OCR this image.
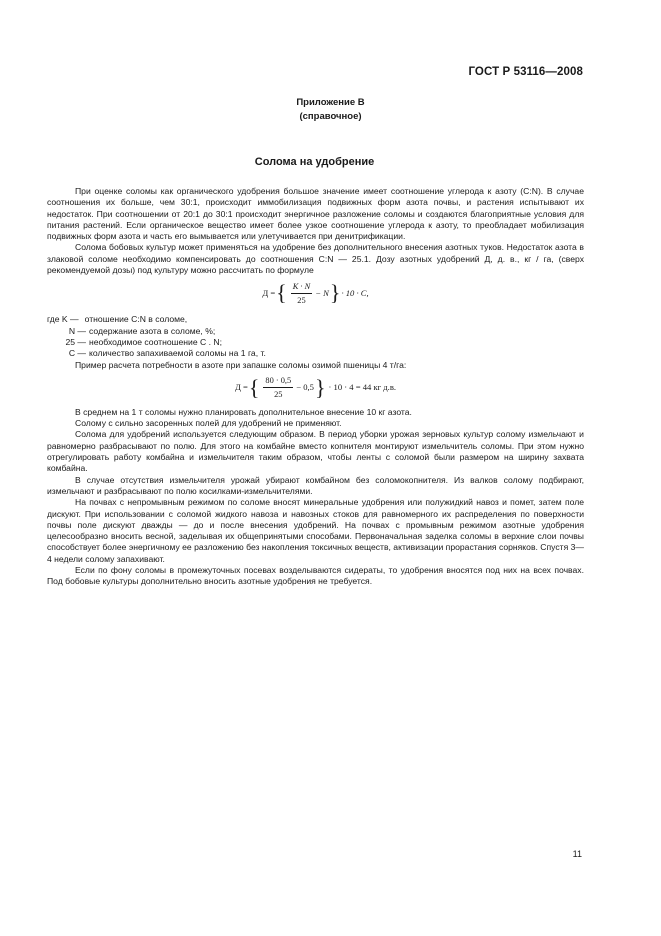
ГОСТ Р 53116—2008
Приложение В
(справочное)
Солома на удобрение

При оценке соломы как органического удобрения большое значение имеет соотношение углерода к азоту (C:N). В случае соотношения их больше, чем 30:1, происходит иммобилизация подвижных форм азота почвы, и растения испытывают их недостаток. При соотношении от 20:1 до 30:1 происходит энергичное разложение соломы и создаются благоприятные условия для питания растений. Если органическое вещество имеет более узкое соотношение углерода к азоту, то преобладает мобилизация подвижных форм азота и часть его вымывается или улетучивается при денитрификации.

Солома бобовых культур может применяться на удобрение без дополнительного внесения азотных туков. Недостаток азота в злаковой соломе необходимо компенсировать до соотношения C:N — 25.1. Дозу азотных удобрений Д, д. в., кг / га, (сверх рекомендуемой дозы) под культуру можно рассчитать по формуле

Д = { $\frac{K \cdot N}{25} - N$ } · 10 · C,
где K — отношение C:N в соломе,
N — содержание азота в соломе, %;
25 — необходимое соотношение C . N;
C — количество запахиваемой соломы на 1 га, т.

Пример расчета потребности в азоте при запашке соломы озимой пшеницы 4 т/га:

Д = { $\frac{80 \cdot 0,5}{25} - 0,5$ } · 10 · 4 = 44 кг д.в.

В среднем на 1 т соломы нужно планировать дополнительное внесение 10 кг азота.

Солому с сильно засоренных полей для удобрений не применяют.

Солома для удобрений используется следующим образом. В период уборки урожая зерновых культур солому измельчают и равномерно разбрасывают по полю. Для этого на комбайне вместо копнителя монтируют измельчитель соломы. При этом нужно отрегулировать работу комбайна и измельчителя таким образом, чтобы ленты с соломой были размером на ширину захвата комбайна.

В случае отсутствия измельчителя урожай убирают комбайном без соломокопнителя. Из валков солому подбирают, измельчают и разбрасывают по полю косилками-измельчителями.

На почвах с непромывным режимом по соломе вносят минеральные удобрения или полужидкий навоз и помет, затем поле дискуют. При использовании с соломой жидкого навоза и навозных стоков для равномерного их распределения по поверхности почвы поле дискуют дважды — до и после внесения удобрений. На почвах с промывным режимом азотные удобрения целесообразно вносить весной, заделывая их общепринятыми способами. Первоначальная заделка соломы в верхние слои почвы способствует более энергичному ее разложению без накопления токсичных веществ, активизации прорастания сорняков. Спустя 3—4 недели солому запахивают.

Если по фону соломы в промежуточных посевах возделываются сидераты, то удобрения вносятся под них на всех почвах. Под бобовые культуры дополнительно вносить азотные удобрения не требуется.

11
